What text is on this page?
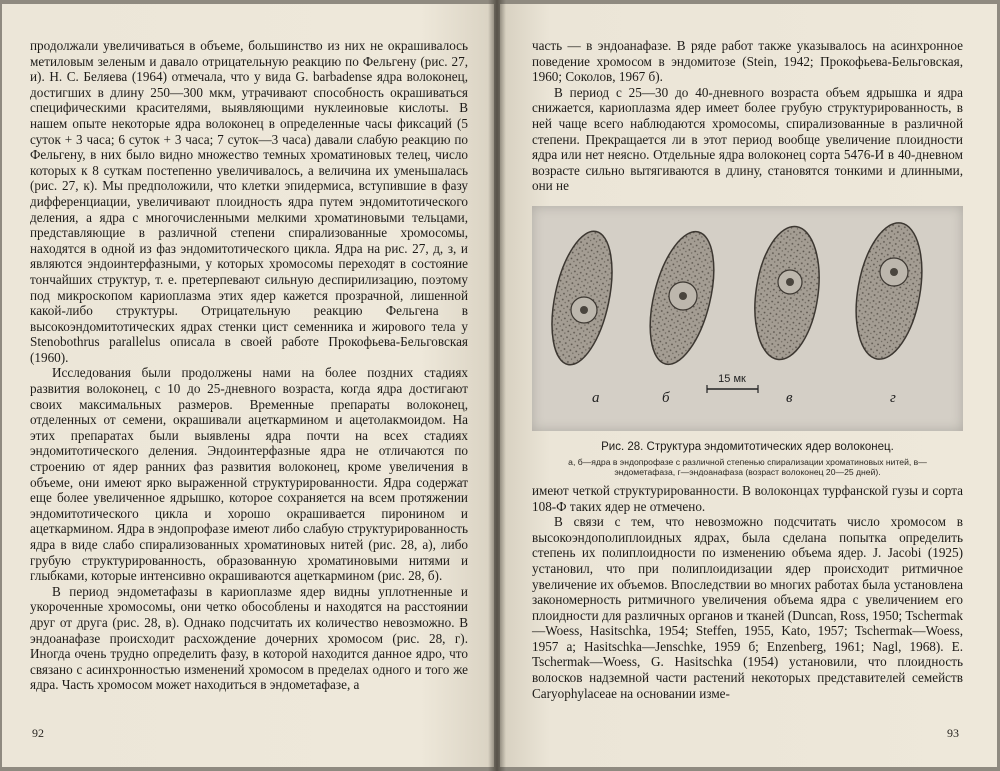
продолжали увеличиваться в объеме, большинство из них не окрашивалось метиловым зеленым и давало отрицательную реакцию по Фельгену (рис. 27, и). Н. С. Беляева (1964) отмечала, что у вида G. barbadense ядра волоконец, достигших в длину 250—300 мкм, утрачивают способность окрашиваться специфическими красителями, выявляющими нуклеиновые кислоты. В нашем опыте некоторые ядра волоконец в определенные часы фиксаций (5 суток + 3 часа; 6 суток + 3 часа; 7 суток—3 часа) давали слабую реакцию по Фельгену, в них было видно множество темных хроматиновых телец, число которых к 8 суткам постепенно увеличивалось, а величина их уменьшалась (рис. 27, к). Мы предположили, что клетки эпидермиса, вступившие в фазу дифференциации, увеличивают плоидность ядра путем эндомитотического деления, а ядра с многочисленными мелкими хроматиновыми тельцами, представляющие в различной степени спирализованные хромосомы, находятся в одной из фаз эндомитотического цикла. Ядра на рис. 27, д, з, и являются эндоинтерфазными, у которых хромосомы переходят в состояние тончайших структур, т. е. претерпевают сильную деспирилизацию, поэтому под микроскопом кариоплазма этих ядер кажется прозрачной, лишенной какой-либо структуры. Отрицательную реакцию Фельгена в высокоэндомитотических ядрах стенки цист семенника и жирового тела у Stenobothrus parallelus описала в своей работе Прокофьева-Бельговская (1960).

Исследования были продолжены нами на более поздних стадиях развития волоконец, с 10 до 25-дневного возраста, когда ядра достигают своих максимальных размеров. Временные препараты волоконец, отделенных от семени, окрашивали ацеткармином и ацетолакмоидом. На этих препаратах были выявлены ядра почти на всех стадиях эндомитотического деления. Эндоинтерфазные ядра не отличаются по строению от ядер ранних фаз развития волоконец, кроме увеличения в объеме, они имеют ярко выраженной структурированности. Ядра содержат еще более увеличенное ядрышко, которое сохраняется на всем протяжении эндомитотического цикла и хорошо окрашивается пиронином и ацеткармином. Ядра в эндопрофазе имеют либо слабую структурированность ядра в виде слабо спирализованных хроматиновых нитей (рис. 28, а), либо грубую структурированность, образованную хроматиновыми нитями и глыбками, которые интенсивно окрашиваются ацеткармином (рис. 28, б).

В период эндометафазы в кариоплазме ядер видны уплотненные и укороченные хромосомы, они четко обособлены и находятся на расстоянии друг от друга (рис. 28, в). Однако подсчитать их количество невозможно. В эндоанафазе происходит расхождение дочерних хромосом (рис. 28, г). Иногда очень трудно определить фазу, в которой находится данное ядро, что связано с асинхронностью изменений хромосом в пределах одного и того же ядра. Часть хромосом может находиться в эндометафазе, а

92

часть — в эндоанафазе. В ряде работ также указывалось на асинхронное поведение хромосом в эндомитозе (Stein, 1942; Прокофьева-Бельговская, 1960; Соколов, 1967 б).

В период с 25—30 до 40-дневного возраста объем ядрышка и ядра снижается, кариоплазма ядер имеет более грубую структурированность, в ней чаще всего наблюдаются хромосомы, спирализованные в различной степени. Прекращается ли в этот период вообще увеличение плоидности ядра или нет неясно. Отдельные ядра волоконец сорта 5476-И в 40-дневном возрасте сильно вытягиваются в длину, становятся тонкими и длинными, они не

15 мк
а	б	в	г
Рис. 28. Структура эндомитотических ядер волоконец.
а, б—ядра в эндопрофазе с различной степенью спирализации хроматиновых нитей, в—эндометафаза, г—эндоанафаза (возраст волоконец 20—25 дней).

имеют четкой структурированности. В волоконцах турфанской гузы и сорта 108-Ф таких ядер не отмечено.

В связи с тем, что невозможно подсчитать число хромосом в высокоэндополиплоидных ядрах, была сделана попытка определить степень их полиплоидности по изменению объема ядер. J. Jacobi (1925) установил, что при полиплоидизации ядер происходит ритмичное увеличение их объемов. Впоследствии во многих работах была установлена закономерность ритмичного увеличения объема ядра с увеличением его плоидности для различных органов и тканей (Duncan, Ross, 1950; Tschermak—Woess, Hasitschka, 1954; Steffen, 1955, Kato, 1957; Tschermak—Woess, 1957 а; Hasitschka—Jenschke, 1959 б; Enzenberg, 1961; Nagl, 1968). E. Tschermak—Woess, G. Hasitschka (1954) установили, что плоидность волосков надземной части растений некоторых представителей семейств Caryophylaceae на основании изме-

93
